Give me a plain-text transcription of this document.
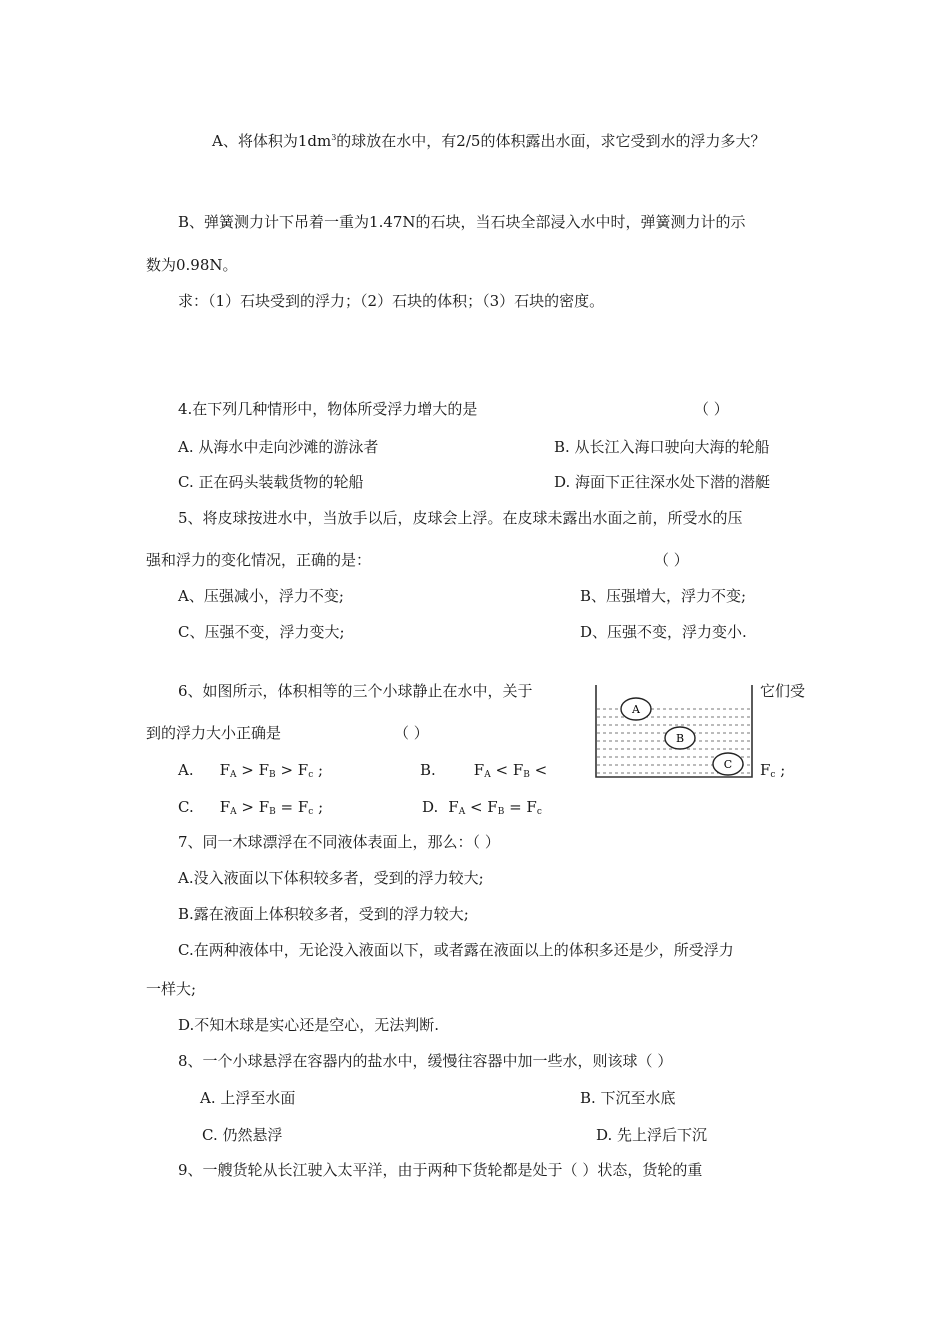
A、将体积为$1dm^3$的球放在水中，有2/5的体积露出水面，求它受到水的浮力多大？
B、弹簧测力计下吊着一重为1.47N的石块，当石块全部浸入水中时，弹簧测力计的示
数为0.98N。
求：（1）石块受到的浮力；（2）石块的体积；（3）石块的密度。
4.在下列几种情形中，物体所受浮力增大的是	（ ）
A. 从海水中走向沙滩的游泳者	B. 从长江入海口驶向大海的轮船
C. 正在码头装载货物的轮船	D. 海面下正往深水处下潜的潜艇
5、将皮球按进水中，当放手以后，皮球会上浮。在皮球未露出水面之前，所受水的压
强和浮力的变化情况，正确的是：	（ ）
A、压强减小，浮力不变;	B、压强增大，浮力不变;
C、压强不变，浮力变大;	D、压强不变，浮力变小.
6、如图所示，体积相等的三个小球静止在水中，关于	它们受
到的浮力大小正确是	（ ）
A. $F_A > F_B > F_c$ ;	B.	$F_A < F_B$ <	$F_c$ ;
C. $F_A > F_B = F_c$ ;	D. $F_A < F_B = F_c$
A
B
C
7、同一木球漂浮在不同液体表面上，那么：（ ）
A.没入液面以下体积较多者，受到的浮力较大;
B.露在液面上体积较多者，受到的浮力较大;
C.在两种液体中，无论没入液面以下，或者露在液面以上的体积多还是少，所受浮力
一样大;
D.不知木球是实心还是空心，无法判断.
8、一个小球悬浮在容器内的盐水中，缓慢往容器中加一些水，则该球（ ）
A. 上浮至水面	B. 下沉至水底
C. 仍然悬浮	D. 先上浮后下沉
9、一艘货轮从长江驶入太平洋，由于两种下货轮都是处于（ ）状态，货轮的重
